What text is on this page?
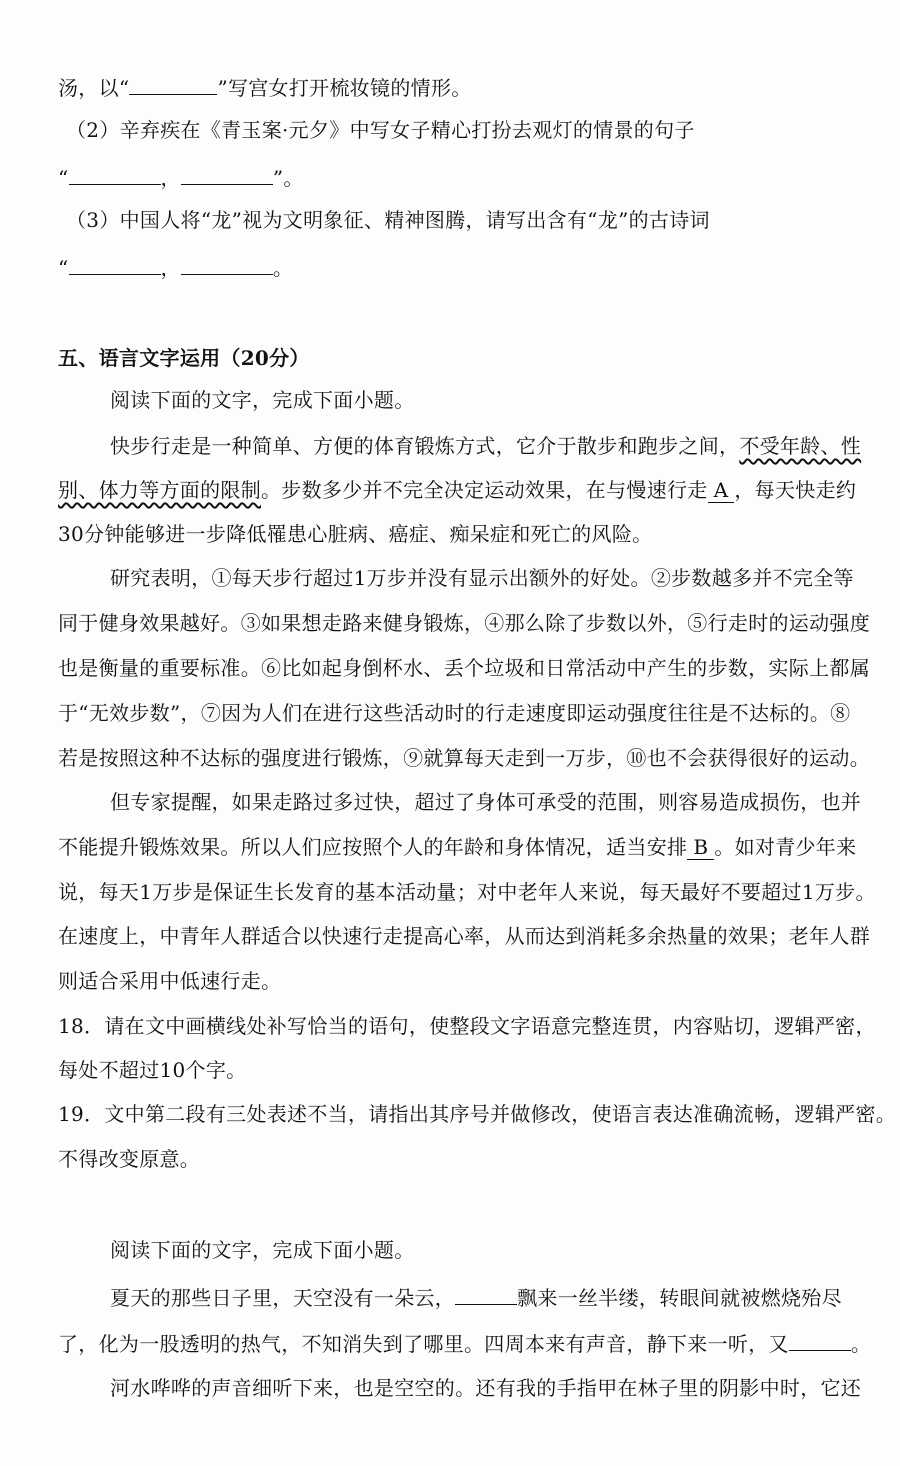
汤，以“	”写宫女打开梳妆镜的情形。
（2）辛弃疾在《青玉案·元夕》中写女子精心打扮去观灯的情景的句子
“	，	”。
（3）中国人将“龙”视为文明象征、精神图腾，请写出含有“龙”的古诗词
“	，	。
五、语言文字运用（20分）
阅读下面的文字，完成下面小题。
快步行走是一种简单、方便的体育锻炼方式，它介于散步和跑步之间，不受年龄、性
别、体力等方面的限制。步数多少并不完全决定运动效果，在与慢速行走 A ，每天快走约
30分钟能够进一步降低罹患心脏病、癌症、痴呆症和死亡的风险。
研究表明，①每天步行超过1万步并没有显示出额外的好处。②步数越多并不完全等
同于健身效果越好。③如果想走路来健身锻炼，④那么除了步数以外，⑤行走时的运动强度
也是衡量的重要标准。⑥比如起身倒杯水、丢个垃圾和日常活动中产生的步数，实际上都属
于“无效步数”，⑦因为人们在进行这些活动时的行走速度即运动强度往往是不达标的。⑧
若是按照这种不达标的强度进行锻炼，⑨就算每天走到一万步，⑩也不会获得很好的运动。
但专家提醒，如果走路过多过快，超过了身体可承受的范围，则容易造成损伤，也并
不能提升锻炼效果。所以人们应按照个人的年龄和身体情况，适当安排 B 。如对青少年来
说，每天1万步是保证生长发育的基本活动量；对中老年人来说，每天最好不要超过1万步。
在速度上，中青年人群适合以快速行走提高心率，从而达到消耗多余热量的效果；老年人群
则适合采用中低速行走。
18．请在文中画横线处补写恰当的语句，使整段文字语意完整连贯，内容贴切，逻辑严密，
每处不超过10个字。
19．文中第二段有三处表述不当，请指出其序号并做修改，使语言表达准确流畅，逻辑严密。
不得改变原意。
阅读下面的文字，完成下面小题。
夏天的那些日子里，天空没有一朵云，	飘来一丝半缕，转眼间就被燃烧殆尽
了，化为一股透明的热气，不知消失到了哪里。四周本来有声音，静下来一听，又	。
河水哗哗的声音细听下来，也是空空的。还有我的手指甲在林子里的阴影中时，它还
